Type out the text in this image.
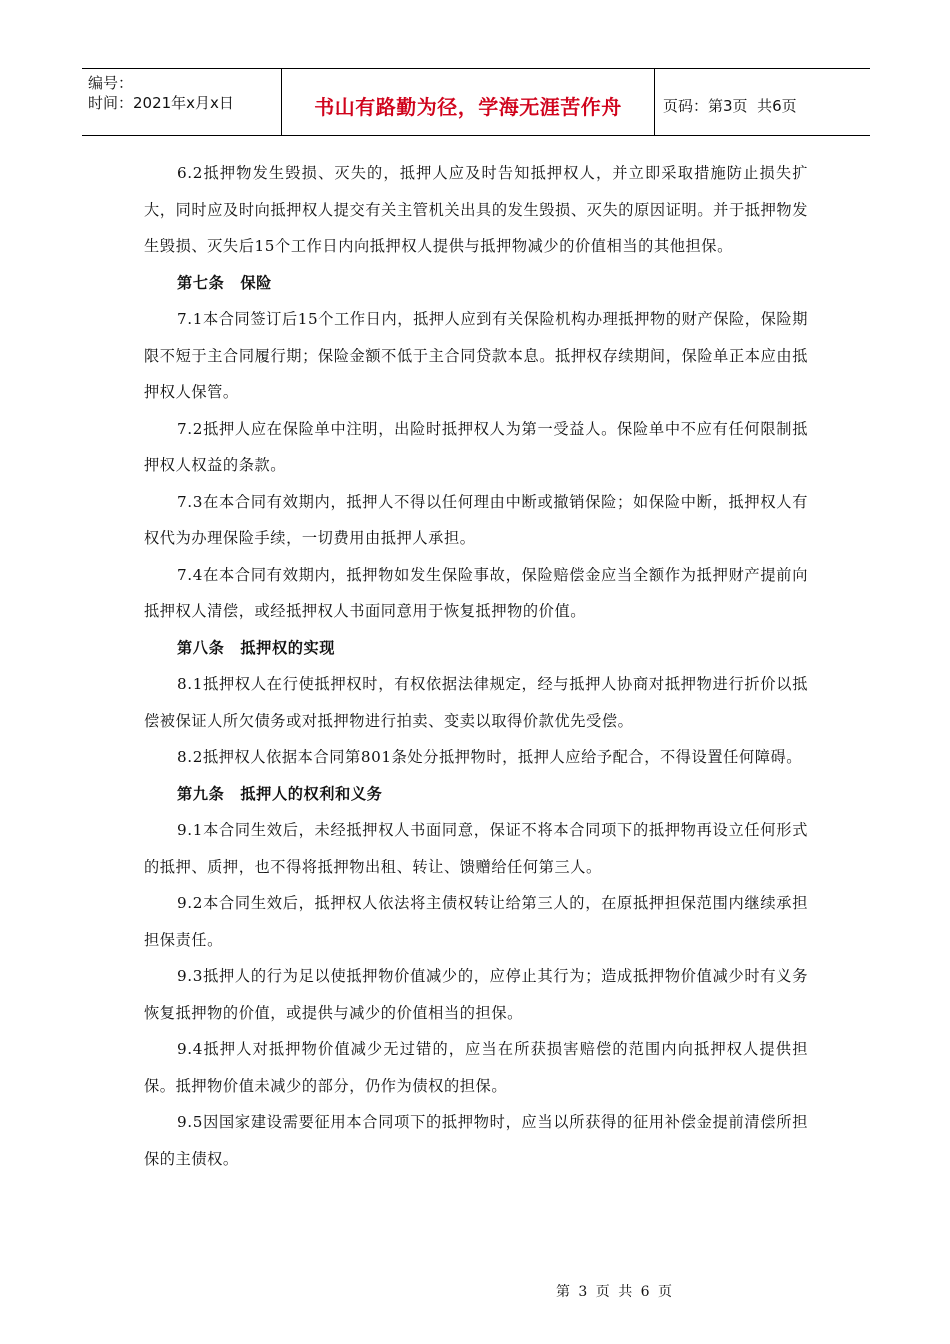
编号：
时间：2021年x月x日	书山有路勤为径，学海无涯苦作舟	页码：第3页  共6页

6.2抵押物发生毁损、灭失的，抵押人应及时告知抵押权人，并立即采取措施防止损失扩大，同时应及时向抵押权人提交有关主管机关出具的发生毁损、灭失的原因证明。并于抵押物发生毁损、灭失后15个工作日内向抵押权人提供与抵押物减少的价值相当的其他担保。

第七条 保险

7.1本合同签订后15个工作日内，抵押人应到有关保险机构办理抵押物的财产保险，保险期限不短于主合同履行期；保险金额不低于主合同贷款本息。抵押权存续期间，保险单正本应由抵押权人保管。

7.2抵押人应在保险单中注明，出险时抵押权人为第一受益人。保险单中不应有任何限制抵押权人权益的条款。

7.3在本合同有效期内，抵押人不得以任何理由中断或撤销保险；如保险中断，抵押权人有权代为办理保险手续，一切费用由抵押人承担。

7.4在本合同有效期内，抵押物如发生保险事故，保险赔偿金应当全额作为抵押财产提前向抵押权人清偿，或经抵押权人书面同意用于恢复抵押物的价值。

第八条 抵押权的实现

8.1抵押权人在行使抵押权时，有权依据法律规定，经与抵押人协商对抵押物进行折价以抵偿被保证人所欠债务或对抵押物进行拍卖、变卖以取得价款优先受偿。

8.2抵押权人依据本合同第801条处分抵押物时，抵押人应给予配合，不得设置任何障碍。

第九条 抵押人的权利和义务

9.1本合同生效后，未经抵押权人书面同意，保证不将本合同项下的抵押物再设立任何形式的抵押、质押，也不得将抵押物出租、转让、馈赠给任何第三人。

9.2本合同生效后，抵押权人依法将主债权转让给第三人的，在原抵押担保范围内继续承担担保责任。

9.3抵押人的行为足以使抵押物价值减少的，应停止其行为；造成抵押物价值减少时有义务恢复抵押物的价值，或提供与减少的价值相当的担保。

9.4抵押人对抵押物价值减少无过错的，应当在所获损害赔偿的范围内向抵押权人提供担保。抵押物价值未减少的部分，仍作为债权的担保。

9.5因国家建设需要征用本合同项下的抵押物时，应当以所获得的征用补偿金提前清偿所担保的主债权。

第 3 页 共 6 页
